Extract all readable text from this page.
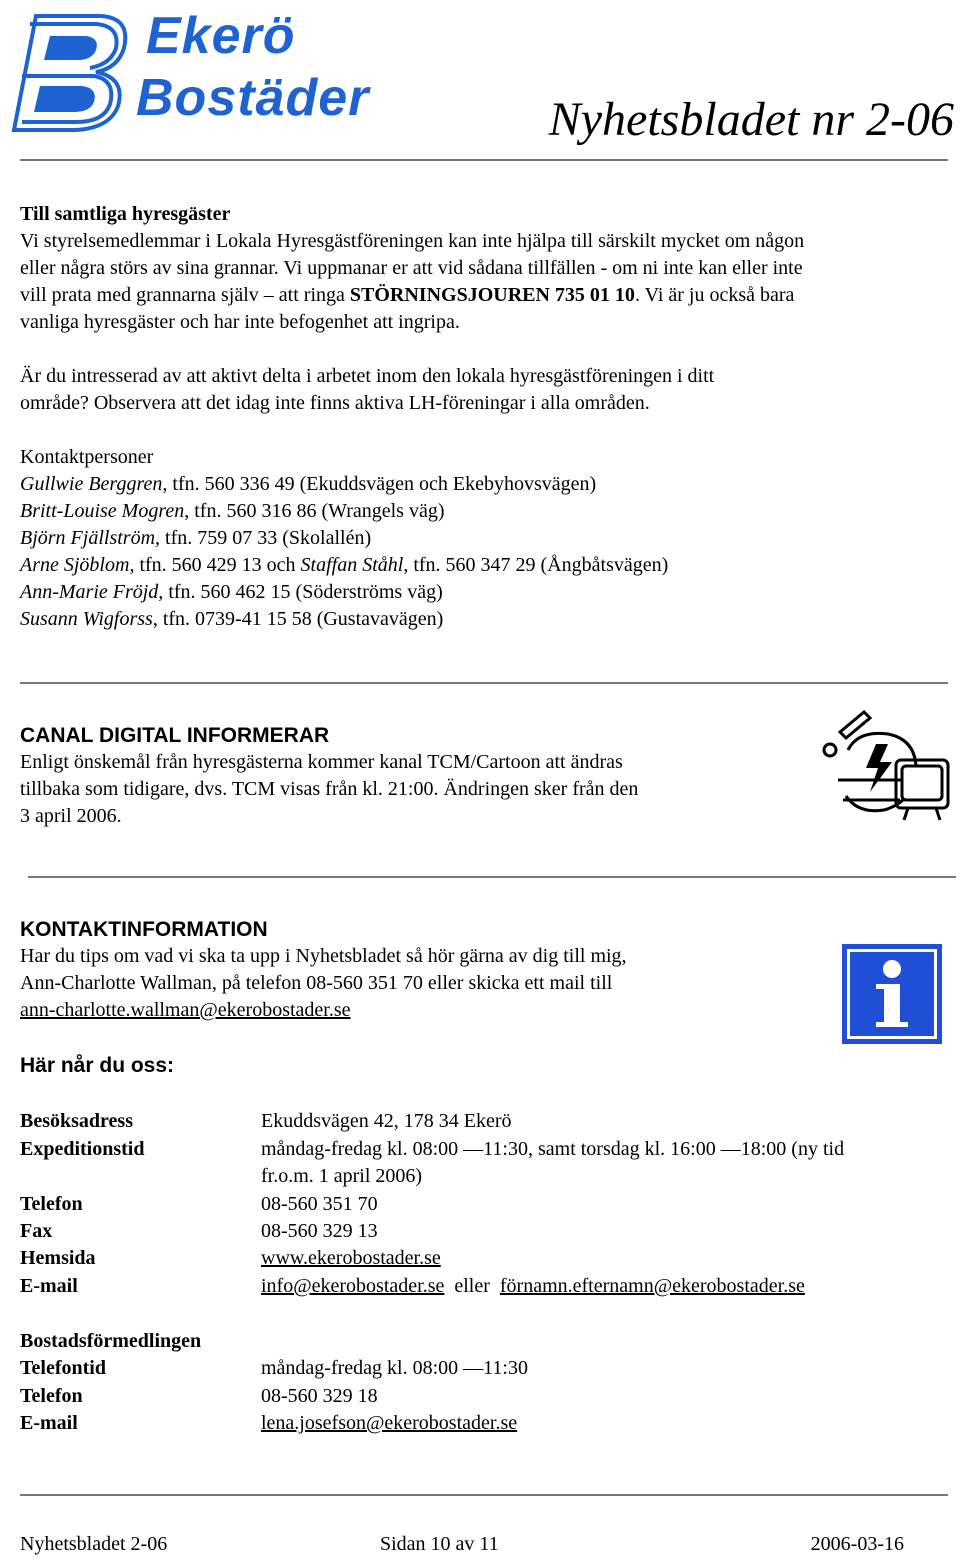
Ekerö
Bostäder	Nyhetsbladet nr 2-06
Till samtliga hyresgäster
Vi styrelsemedlemmar i Lokala Hyresgästföreningen kan inte hjälpa till särskilt mycket om någon
eller några störs av sina grannar. Vi uppmanar er att vid sådana tillfällen - om ni inte kan eller inte
vill prata med grannarna själv – att ringa STÖRNINGSJOUREN 735 01 10. Vi är ju också bara
vanliga hyresgäster och har inte befogenhet att ingripa.
Är du intresserad av att aktivt delta i arbetet inom den lokala hyresgästföreningen i ditt
område? Observera att det idag inte finns aktiva LH-föreningar i alla områden.
Kontaktpersoner
Gullwie Berggren, tfn. 560 336 49 (Ekuddsvägen och Ekebyhovsvägen)
Britt-Louise Mogren, tfn. 560 316 86 (Wrangels väg)
Björn Fjällström, tfn. 759 07 33 (Skolallén)
Arne Sjöblom, tfn. 560 429 13 och Staffan Ståhl, tfn. 560 347 29 (Ångbåtsvägen)
Ann-Marie Fröjd, tfn. 560 462 15 (Söderströms väg)
Susann Wigforss, tfn. 0739-41 15 58 (Gustavavägen)
CANAL DIGITAL INFORMERAR
Enligt önskemål från hyresgästerna kommer kanal TCM/Cartoon att ändras
tillbaka som tidigare, dvs. TCM visas från kl. 21:00. Ändringen sker från den
3 april 2006.
KONTAKTINFORMATION
Har du tips om vad vi ska ta upp i Nyhetsbladet så hör gärna av dig till mig,
Ann-Charlotte Wallman, på telefon 08-560 351 70 eller skicka ett mail till
ann-charlotte.wallman@ekerobostader.se
Här når du oss:
Besöksadress	Ekuddsvägen 42, 178 34 Ekerö
Expeditionstid	måndag-fredag kl. 08:00 —11:30, samt torsdag kl. 16:00 —18:00 (ny tid
fr.o.m. 1 april 2006)
Telefon	08-560 351 70
Fax	08-560 329 13
Hemsida	www.ekerobostader.se
E-mail	info@ekerobostader.se  eller  förnamn.efternamn@ekerobostader.se
Bostadsförmedlingen
Telefontid	måndag-fredag kl. 08:00 —11:30
Telefon	08-560 329 18
E-mail	lena.josefson@ekerobostader.se
Nyhetsbladet 2-06	Sidan 10 av 11	2006-03-16
